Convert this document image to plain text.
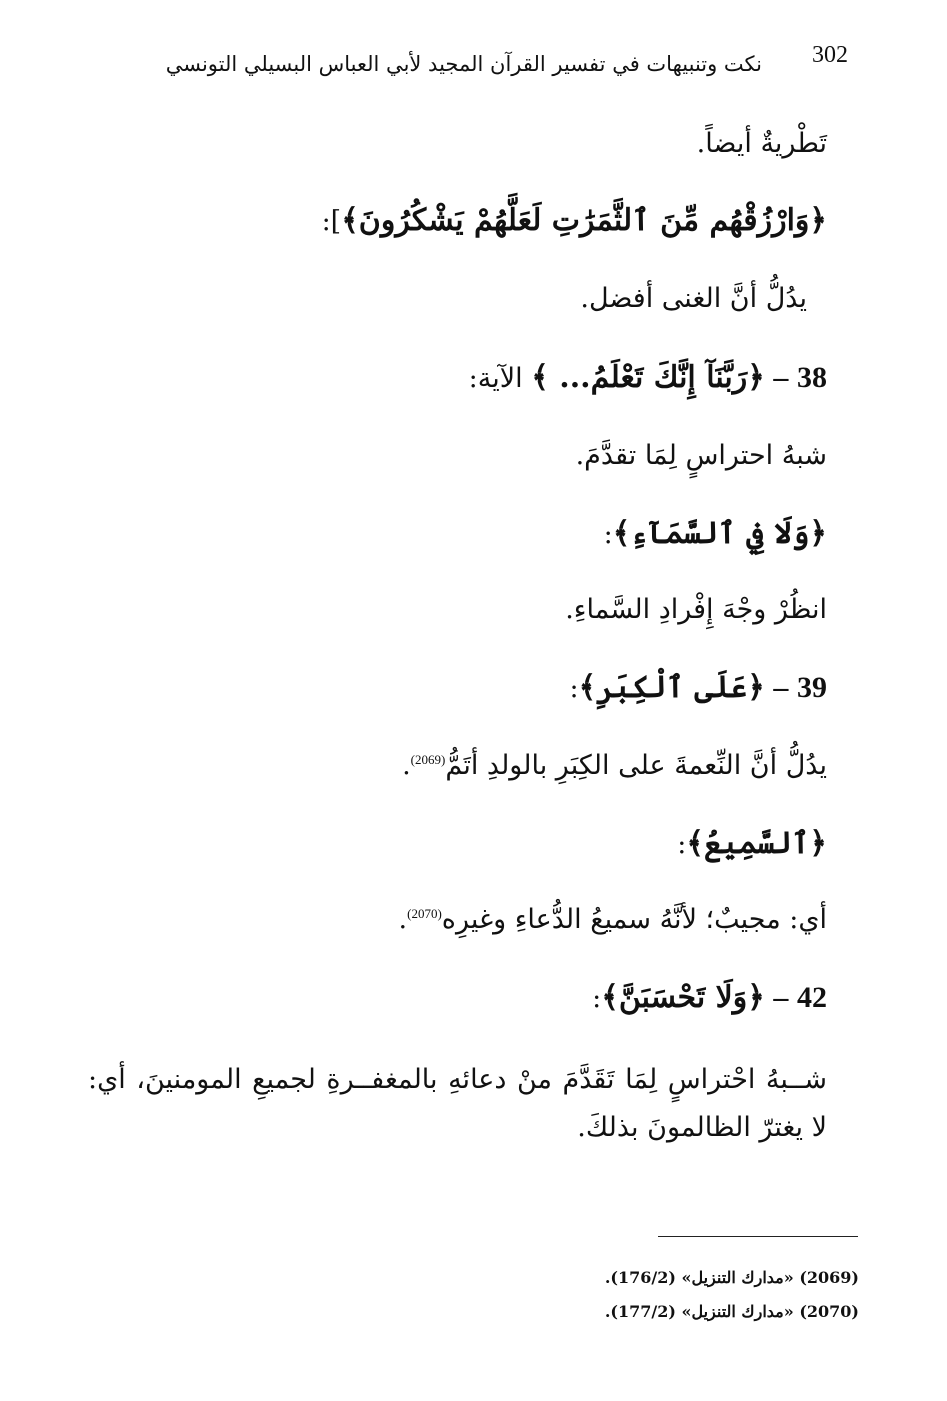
302
نكت وتنبيهات في تفسير القرآن المجيد لأبي العباس البسيلي التونسي
تَطْريةٌ أيضاً.
﴿وَارْزُقْهُم مِّنَ ٱلثَّمَرَٰتِ لَعَلَّهُمْ يَشْكُرُونَ﴾]:
يدُلُّ أنَّ الغنى أفضل.
38 – ﴿رَبَّنَآ إِنَّكَ تَعْلَمُ... ﴾ الآية:
شبهُ احتراسٍ لِمَا تقدَّمَ.
﴿وَلَا فِي ٱلسَّمَآءِ﴾:
انظُرْ وجْهَ إِفْرادِ السَّماءِ.
39 – ﴿عَلَى ٱلْكِبَرِ﴾:
يدُلُّ أنَّ النِّعمةَ على الكِبَرِ بالولدِ أتَمُّ$^{(2069)}$.
﴿ٱلسَّمِيعُ﴾:
أي: مجيبٌ؛ لأنَّهُ سميعُ الدُّعاءِ وغيرِه$^{(2070)}$.
42 – ﴿وَلَا تَحْسَبَنَّ﴾:
شــبهُ احْتراسٍ لِمَا تَقَدَّمَ منْ دعائهِ بالمغفــرةِ لجميعِ المومنينَ، أي: لا يغترّ الظالمونَ بذلكَ.
(2069) «مدارك التنزيل» (176/2).
(2070) «مدارك التنزيل» (177/2).
